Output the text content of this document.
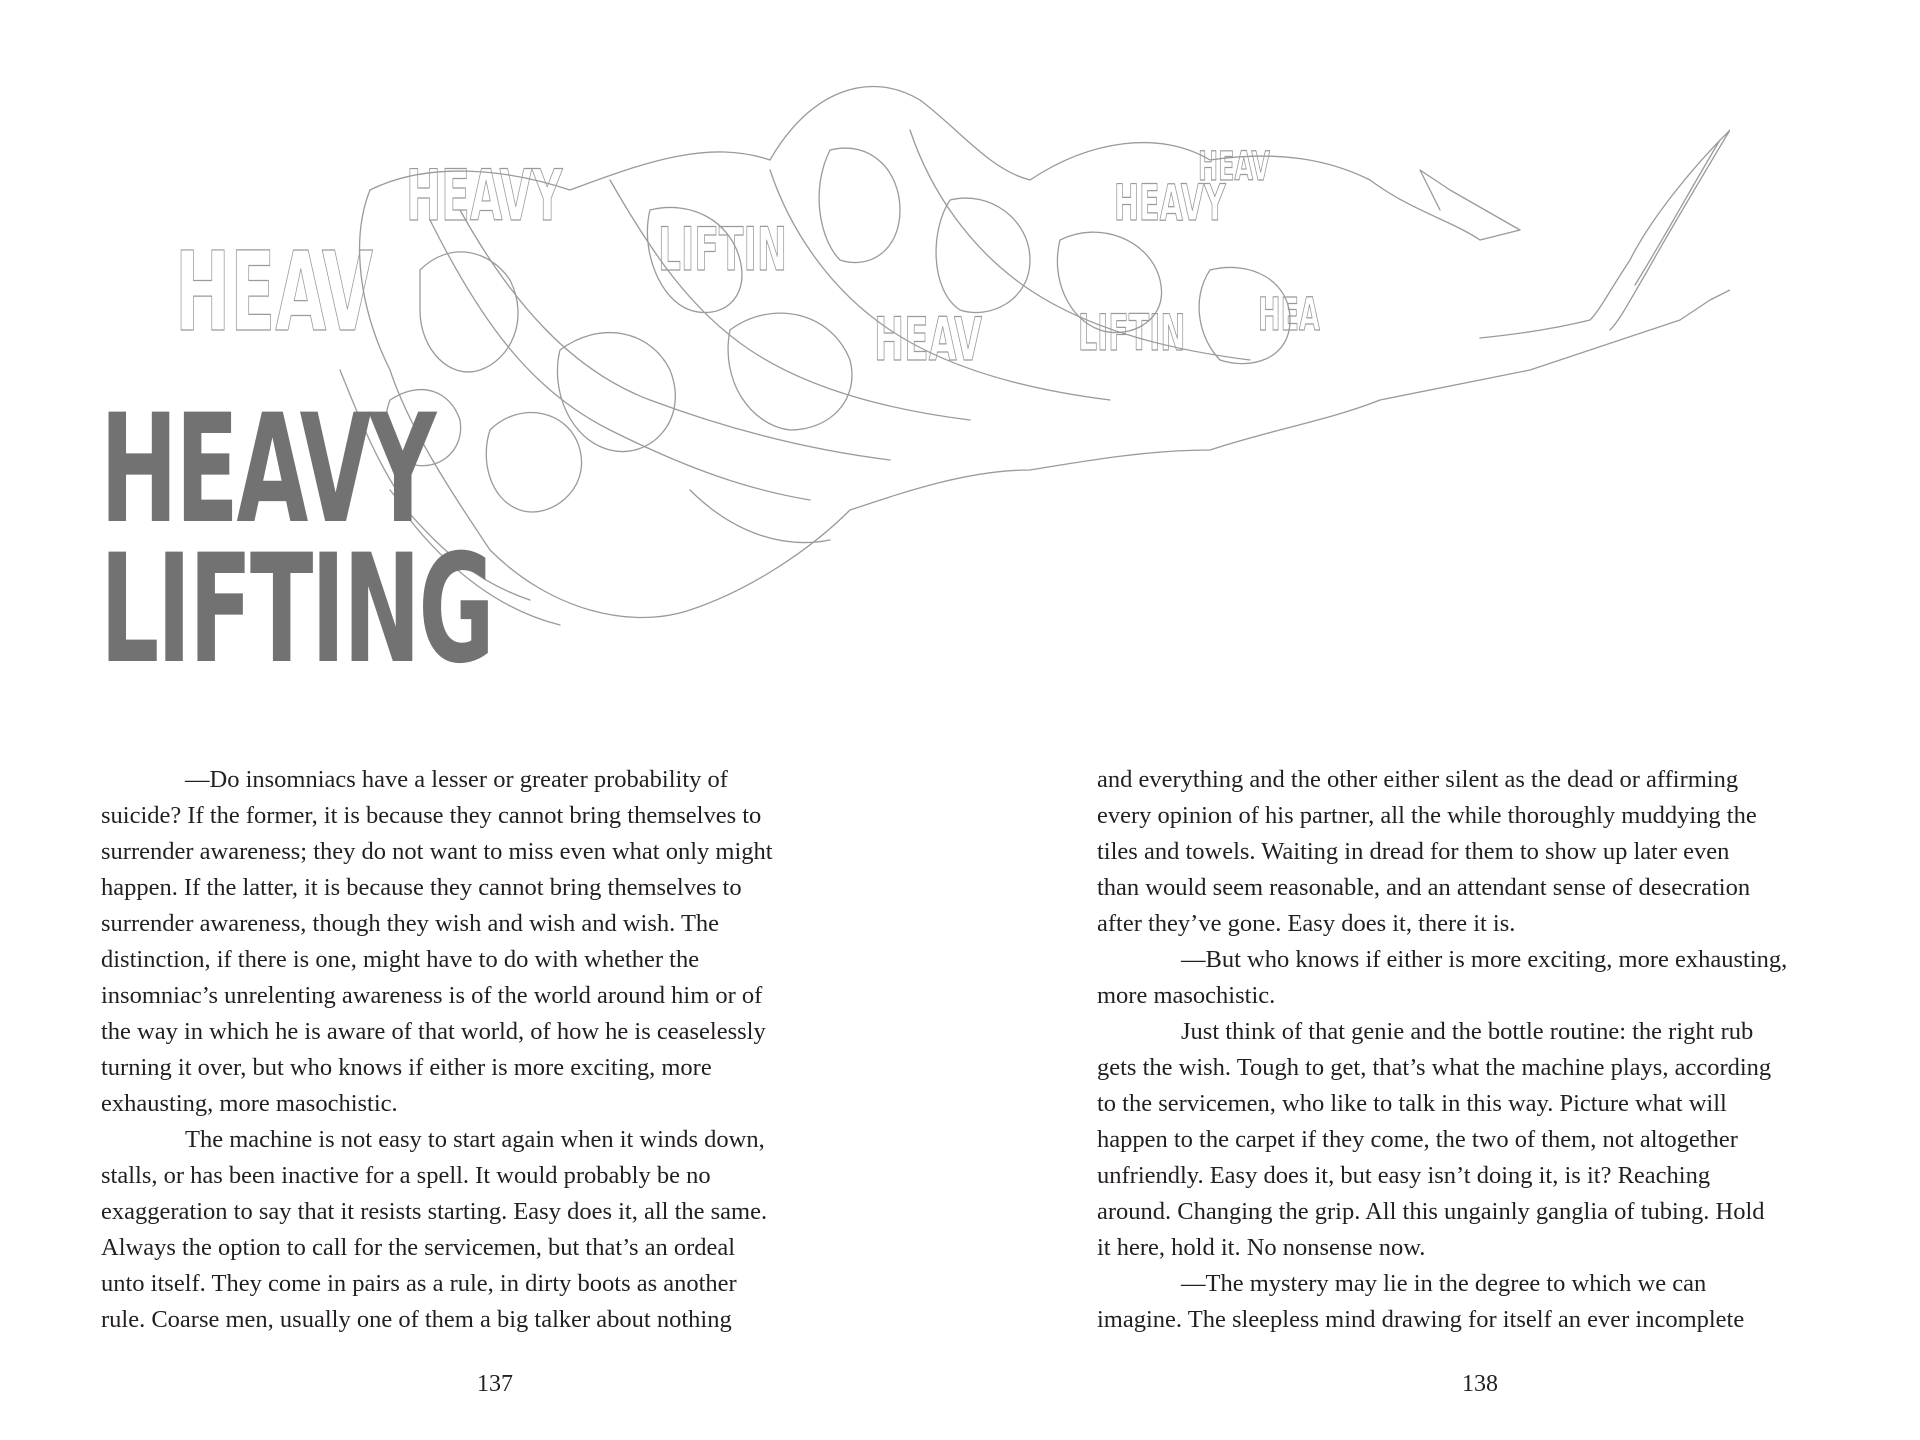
HEAV
HEAVY
LIFTIN
HEAV
HEAVY
LIFTIN
HEAV
HEA
HEAVY
LIFTING
—Do insomniacs have a lesser or greater probability of
suicide? If the former, it is because they cannot bring themselves to
surrender awareness; they do not want to miss even what only might
happen. If the latter, it is because they cannot bring themselves to
surrender awareness, though they wish and wish and wish. The
distinction, if there is one, might have to do with whether the
insomniac’s unrelenting awareness is of the world around him or of
the way in which he is aware of that world, of how he is ceaselessly
turning it over, but who knows if either is more exciting, more
exhausting, more masochistic.
The machine is not easy to start again when it winds down,
stalls, or has been inactive for a spell. It would probably be no
exaggeration to say that it resists starting. Easy does it, all the same.
Always the option to call for the servicemen, but that’s an ordeal
unto itself. They come in pairs as a rule, in dirty boots as another
rule. Coarse men, usually one of them a big talker about nothing
and everything and the other either silent as the dead or affirming
every opinion of his partner, all the while thoroughly muddying the
tiles and towels. Waiting in dread for them to show up later even
than would seem reasonable, and an attendant sense of desecration
after they’ve gone. Easy does it, there it is.
—But who knows if either is more exciting, more exhausting,
more masochistic.
Just think of that genie and the bottle routine: the right rub
gets the wish. Tough to get, that’s what the machine plays, according
to the servicemen, who like to talk in this way. Picture what will
happen to the carpet if they come, the two of them, not altogether
unfriendly. Easy does it, but easy isn’t doing it, is it? Reaching
around. Changing the grip. All this ungainly ganglia of tubing. Hold
it here, hold it. No nonsense now.
—The mystery may lie in the degree to which we can
imagine. The sleepless mind drawing for itself an ever incomplete
137	138
